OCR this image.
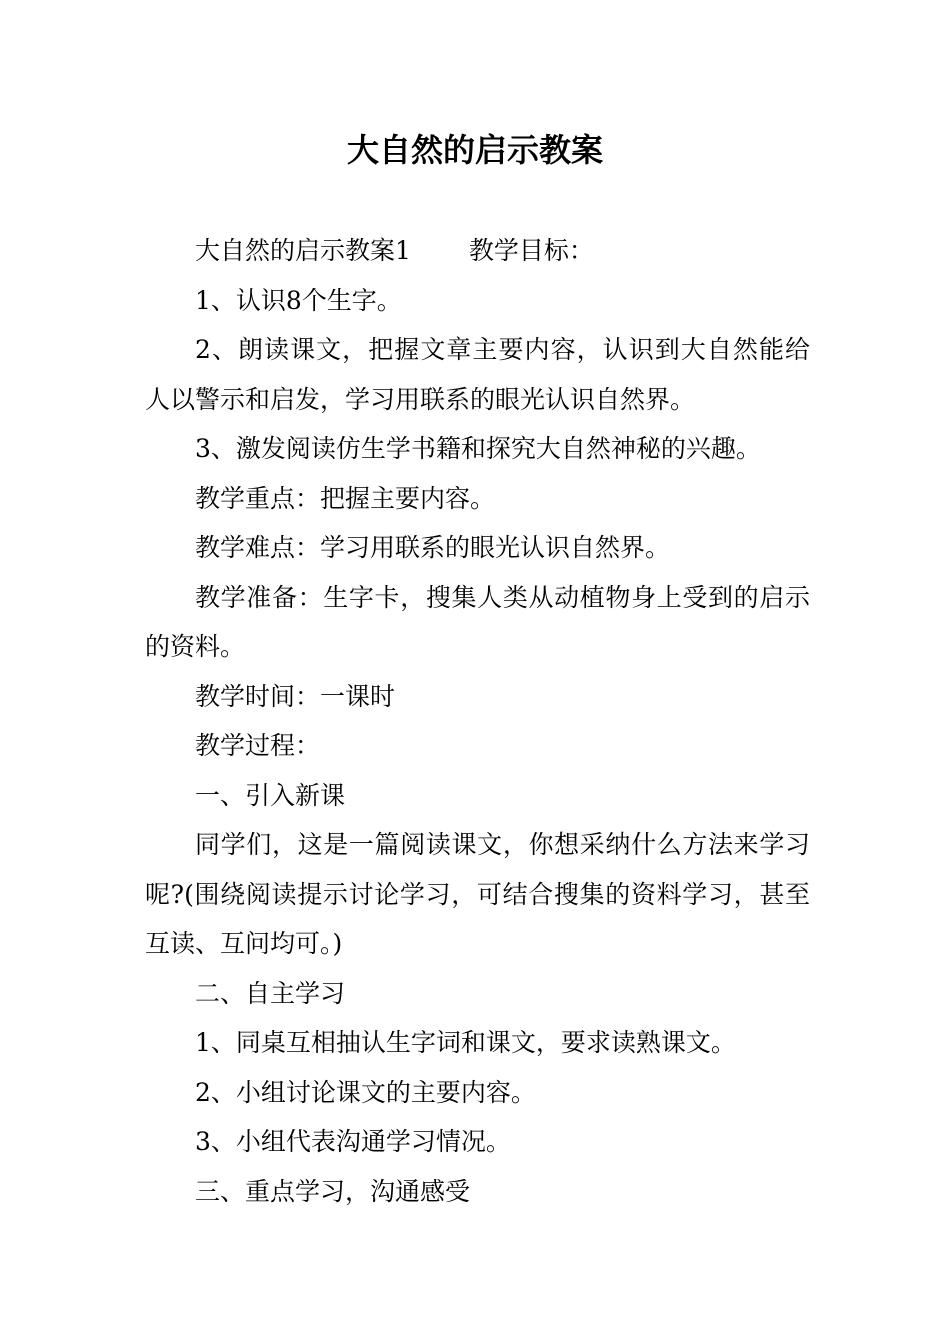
大自然的启示教案

大自然的启示教案1 教学目标：

1、认识8个生字。

2、朗读课文，把握文章主要内容，认识到大自然能给人以警示和启发，学习用联系的眼光认识自然界。

3、激发阅读仿生学书籍和探究大自然神秘的兴趣。

教学重点：把握主要内容。

教学难点：学习用联系的眼光认识自然界。

教学准备：生字卡，搜集人类从动植物身上受到的启示的资料。

教学时间：一课时

教学过程：

一、引入新课

同学们，这是一篇阅读课文，你想采纳什么方法来学习呢?(围绕阅读提示讨论学习，可结合搜集的资料学习，甚至互读、互问均可。)

二、自主学习

1、同桌互相抽认生字词和课文，要求读熟课文。

2、小组讨论课文的主要内容。

3、小组代表沟通学习情况。

三、重点学习，沟通感受
